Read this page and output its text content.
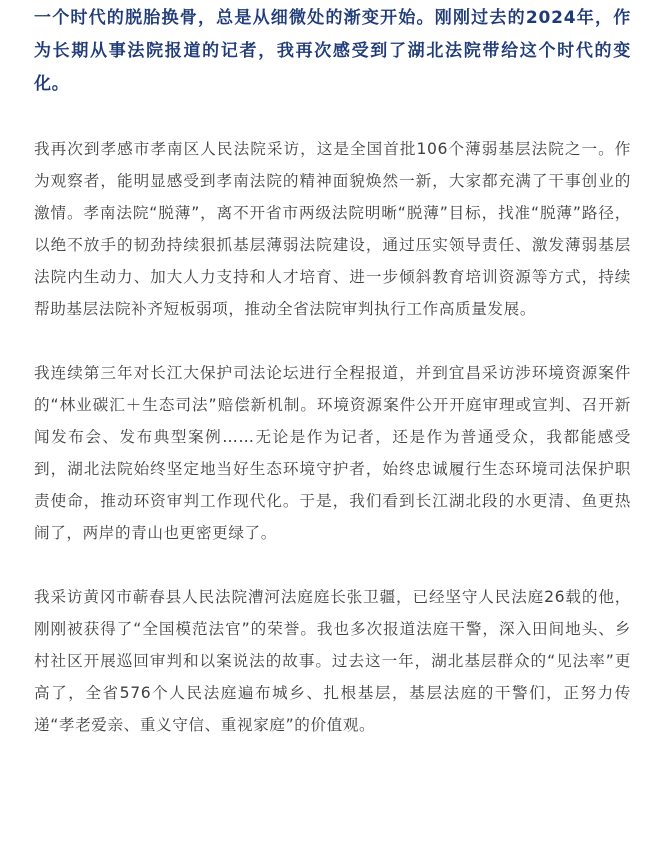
一个时代的脱胎换骨，总是从细微处的渐变开始。刚刚过去的2024年，作为长期从事法院报道的记者，我再次感受到了湖北法院带给这个时代的变化。

我再次到孝感市孝南区人民法院采访，这是全国首批106个薄弱基层法院之一。作为观察者，能明显感受到孝南法院的精神面貌焕然一新，大家都充满了干事创业的激情。孝南法院“脱薄”，离不开省市两级法院明晰“脱薄”目标，找准“脱薄”路径，以绝不放手的韧劲持续狠抓基层薄弱法院建设，通过压实领导责任、激发薄弱基层法院内生动力、加大人力支持和人才培育、进一步倾斜教育培训资源等方式，持续帮助基层法院补齐短板弱项，推动全省法院审判执行工作高质量发展。

我连续第三年对长江大保护司法论坛进行全程报道，并到宜昌采访涉环境资源案件的“林业碳汇＋生态司法”赔偿新机制。环境资源案件公开开庭审理或宣判、召开新闻发布会、发布典型案例……无论是作为记者，还是作为普通受众，我都能感受到，湖北法院始终坚定地当好生态环境守护者，始终忠诚履行生态环境司法保护职责使命，推动环资审判工作现代化。于是，我们看到长江湖北段的水更清、鱼更热闹了，两岸的青山也更密更绿了。

我采访黄冈市蕲春县人民法院漕河法庭庭长张卫疆，已经坚守人民法庭26载的他，刚刚被获得了“全国模范法官”的荣誉。我也多次报道法庭干警，深入田间地头、乡村社区开展巡回审判和以案说法的故事。过去这一年，湖北基层群众的“见法率”更高了，全省576个人民法庭遍布城乡、扎根基层，基层法庭的干警们，正努力传递“孝老爱亲、重义守信、重视家庭”的价值观。
